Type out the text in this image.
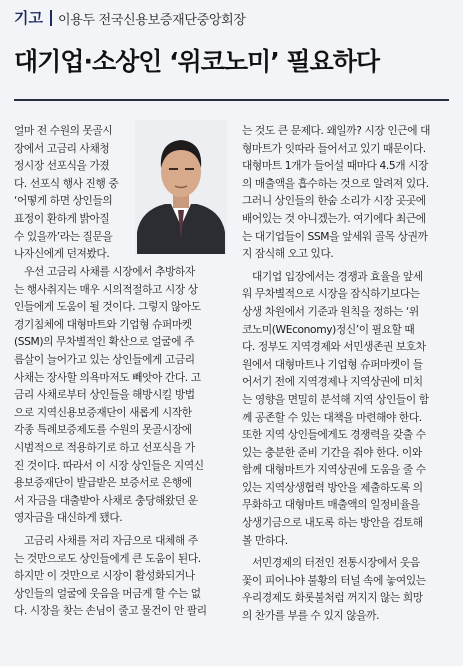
기고	이용두 전국신용보증재단중앙회장
대기업·소상인 ‘위코노미’ 필요하다

얼마 전 수원의 못골시
장에서 고금리 사채청
정시장 선포식을 가졌
다. 선포식 행사 진행 중
‘어떻게 하면 상인들의
표정이 환하게 밝아질
수 있을까’라는 질문을
나자신에게 던져봤다.

우선 고금리 사채를 시장에서 추방하자
는 행사취지는 매우 시의적절하고 시장 상
인들에게 도움이 될 것이다. 그렇지 않아도
경기침체에 대형마트와 기업형 슈퍼마켓
(SSM)의 무차별적인 확산으로 얼굴에 주
름살이 늘어가고 있는 상인들에게 고금리
사채는 장사할 의욕마저도 빼앗아 간다. 고
금리 사채로부터 상인들을 해방시킬 방법
으로 지역신용보증재단이 새롭게 시작한
각종 특례보증제도를 수원의 못골시장에
시범적으로 적용하기로 하고 선포식을 가
진 것이다. 따라서 이 시장 상인들은 지역신
용보증재단이 발급받은 보증서로 은행에
서 자금을 대출받아 사채로 충당해왔던 운
영자금을 대신하게 됐다.

고금리 사채를 저리 자금으로 대체해 주
는 것만으로도 상인들에게 큰 도움이 된다.
하지만 이 것만으로 시장이 활성화되거나
상인들의 얼굴에 웃음을 머금게 할 수는 없
다. 시장을 찾는 손님이 줄고 물건이 안 팔리

는 것도 큰 문제다. 왜일까? 시장 인근에 대
형마트가 잇따라 들어서고 있기 때문이다.
대형마트 1개가 들어설 때마다 4.5개 시장
의 매출액을 흡수하는 것으로 알려져 있다.
그러니 상인들의 한숨 소리가 시장 곳곳에
배어있는 것 아니겠는가. 여기에다 최근에
는 대기업들이 SSM을 앞세워 골목 상권까
지 잠식해 오고 있다.

대기업 입장에서는 경쟁과 효율을 앞세
워 무차별적으로 시장을 잠식하기보다는
상생 차원에서 기준과 원칙을 정하는 ‘위
코노미(WEconomy)정신’이 필요할 때
다. 정부도 지역경제와 서민생존권 보호차
원에서 대형마트나 기업형 슈퍼마켓이 들
어서기 전에 지역경제나 지역상권에 미치
는 영향을 면밀히 분석해 지역 상인들이 함
께 공존할 수 있는 대책을 마련해야 한다.
또한 지역 상인들에게도 경쟁력을 갖출 수
있는 충분한 준비 기간을 줘야 한다. 이와
함께 대형마트가 지역상권에 도움을 줄 수
있는 지역상생협력 방안을 제출하도록 의
무화하고 대형마트 매출액의 일정비율을
상생기금으로 내도록 하는 방안을 검토해
볼 만하다.

서민경제의 터전인 전통시장에서 웃음
꽃이 피어나야 불황의 터널 속에 놓여있는
우리경제도 화롯불처럼 꺼지지 않는 희망
의 찬가를 부를 수 있지 않을까.
